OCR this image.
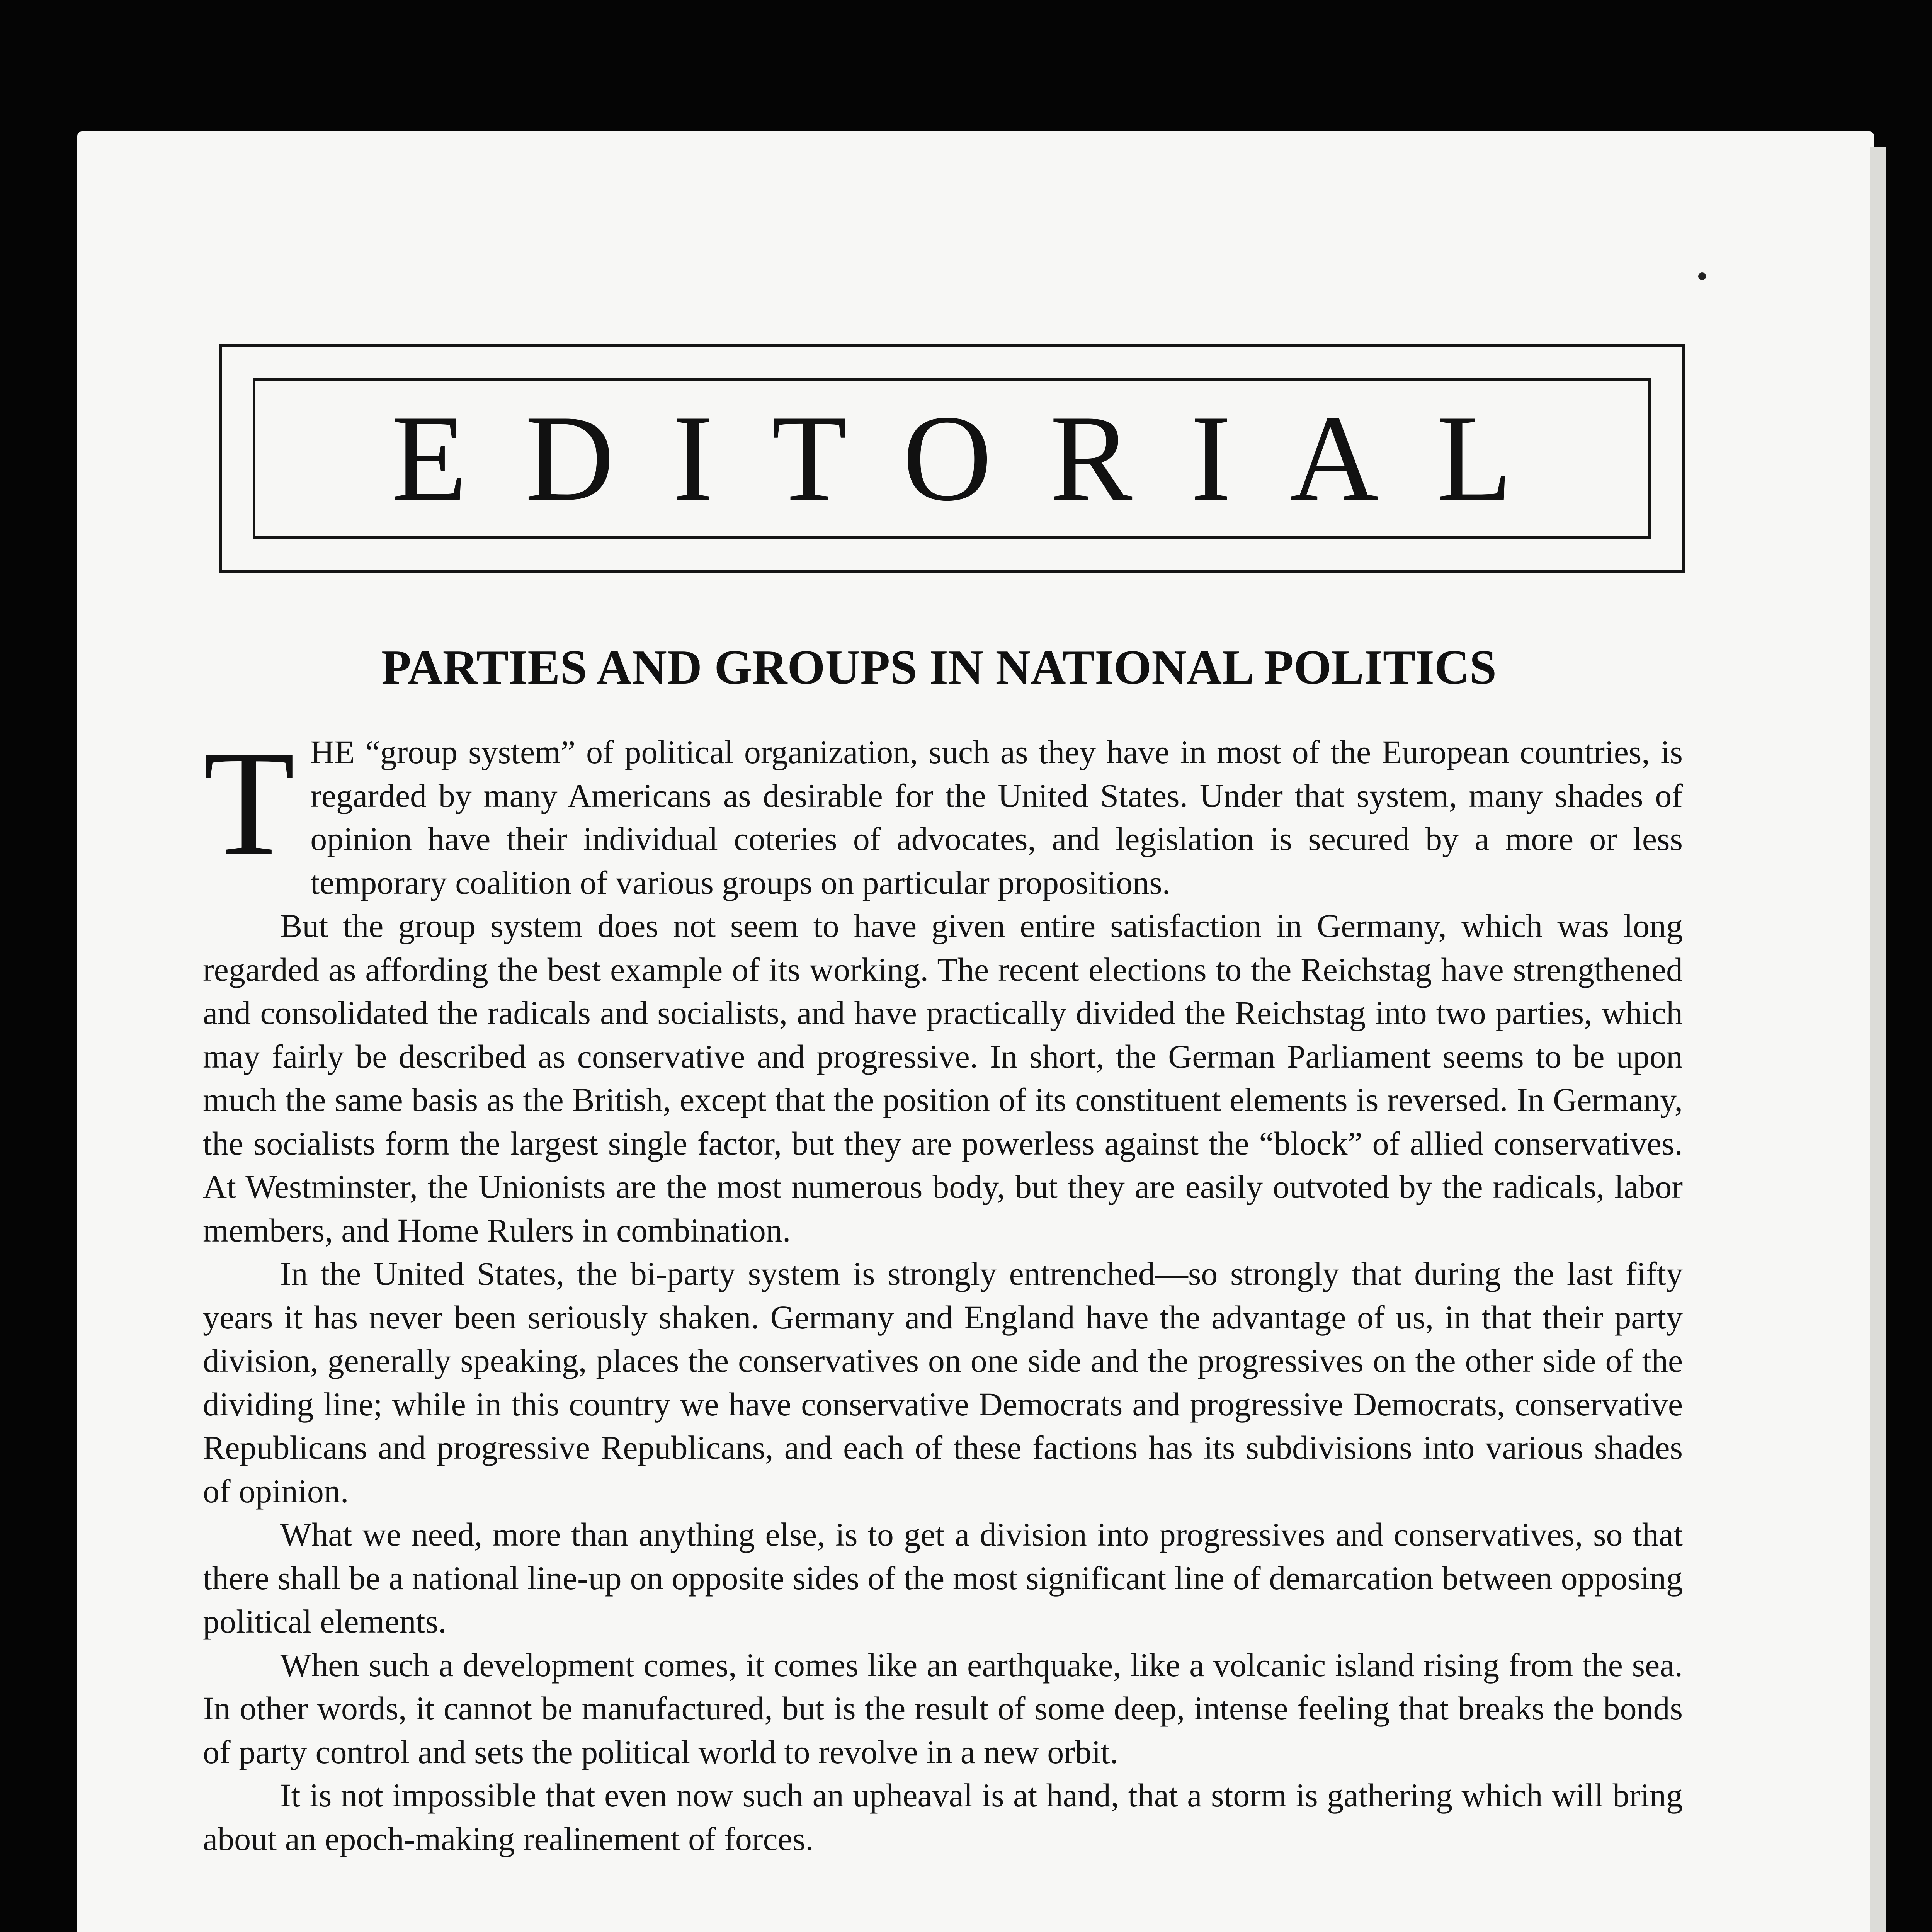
EDITORIAL
PARTIES AND GROUPS IN NATIONAL POLITICS
T HE “group system” of political organization, such as they have in most of the European countries, is regarded by many Americans as desirable for the United States. Under that system, many shades of opinion have their individual coteries of advocates, and legislation is secured by a more or less temporary coalition of various groups on particular propositions.

But the group system does not seem to have given entire satisfaction in Germany, which was long regarded as affording the best example of its working. The recent elections to the Reichstag have strengthened and consolidated the radicals and socialists, and have practically divided the Reichstag into two parties, which may fairly be described as conservative and progressive. In short, the German Parliament seems to be upon much the same basis as the British, except that the position of its constituent elements is reversed. In Germany, the socialists form the largest single factor, but they are powerless against the “block” of allied conservatives. At Westminster, the Unionists are the most numerous body, but they are easily outvoted by the radicals, labor members, and Home Rulers in combination.

In the United States, the bi-party system is strongly entrenched—so strongly that during the last fifty years it has never been seriously shaken. Germany and England have the advantage of us, in that their party division, generally speaking, places the conservatives on one side and the progressives on the other side of the dividing line; while in this country we have conservative Democrats and progressive Democrats, conservative Republicans and progressive Republicans, and each of these factions has its subdivisions into various shades of opinion.

What we need, more than anything else, is to get a division into progressives and conservatives, so that there shall be a national line-up on opposite sides of the most significant line of demarcation between opposing political elements.

When such a development comes, it comes like an earthquake, like a volcanic island rising from the sea. In other words, it cannot be manufactured, but is the result of some deep, intense feeling that breaks the bonds of party control and sets the political world to revolve in a new orbit.

It is not impossible that even now such an upheaval is at hand, that a storm is gathering which will bring about an epoch-making realinement of forces.
